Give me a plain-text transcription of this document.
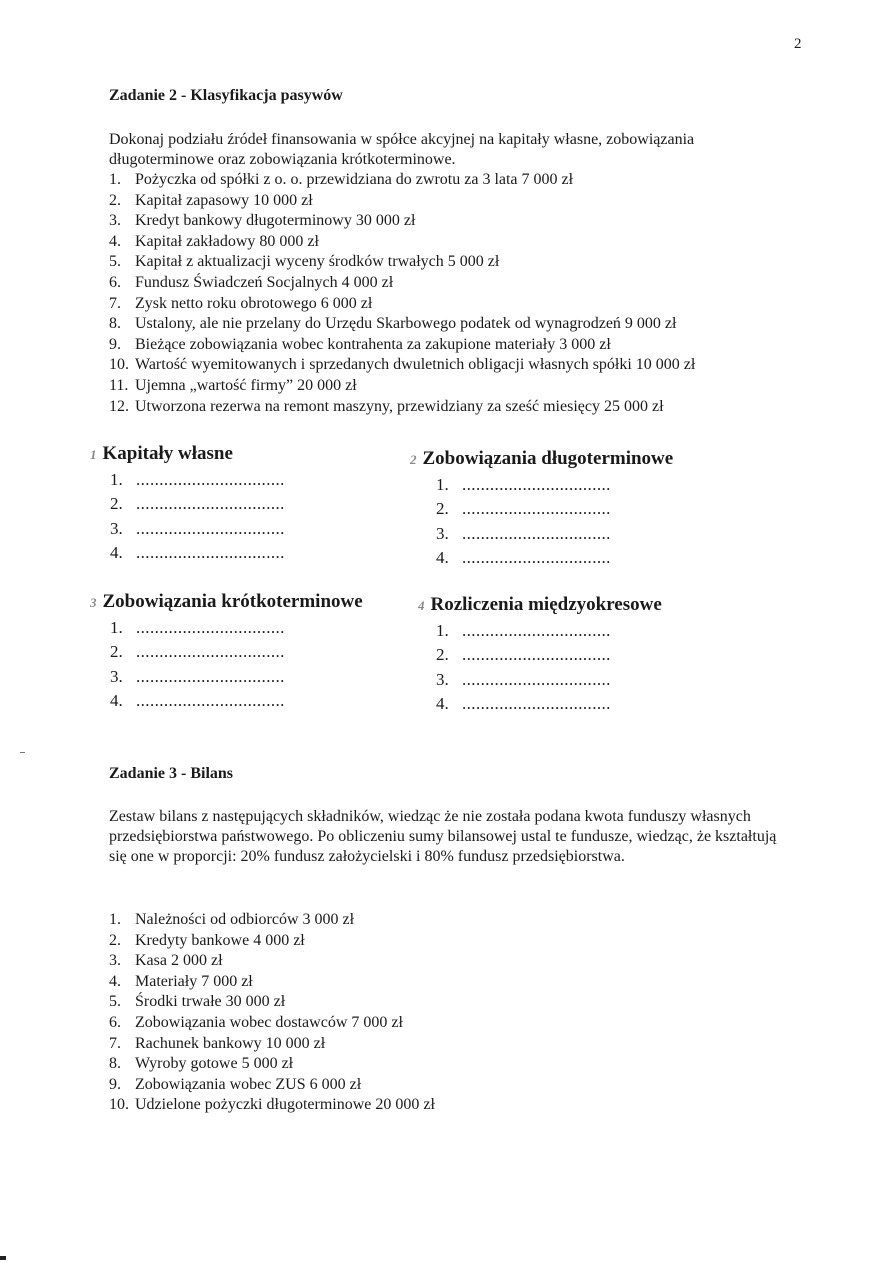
2
Zadanie 2 - Klasyfikacja pasywów
Dokonaj podziału źródeł finansowania w spółce akcyjnej na kapitały własne, zobowiązania długoterminowe oraz zobowiązania krótkoterminowe.
1. Pożyczka od spółki z o. o. przewidziana do zwrotu za 3 lata 7 000 zł
2. Kapitał zapasowy 10 000 zł
3. Kredyt bankowy długoterminowy 30 000 zł
4. Kapitał zakładowy 80 000 zł
5. Kapitał z aktualizacji wyceny środków trwałych 5 000 zł
6. Fundusz Świadczeń Socjalnych 4 000 zł
7. Zysk netto roku obrotowego 6 000 zł
8. Ustalony, ale nie przelany do Urzędu Skarbowego podatek od wynagrodzeń 9 000 zł
9. Bieżące zobowiązania wobec kontrahenta za zakupione materiały 3 000 zł
10. Wartość wyemitowanych i sprzedanych dwuletnich obligacji własnych spółki 10 000 zł
11. Ujemna „wartość firmy” 20 000 zł
12. Utworzona rezerwa na remont maszyny, przewidziany za sześć miesięcy 25 000 zł
1 Kapitały własne
1. ................................
2. ................................
3. ................................
4. ................................
2 Zobowiązania długoterminowe
1. ................................
2. ................................
3. ................................
4. ................................
3 Zobowiązania krótkoterminowe
1. ................................
2. ................................
3. ................................
4. ................................
4 Rozliczenia międzyokresowe
1. ................................
2. ................................
3. ................................
4. ................................
Zadanie 3 - Bilans
Zestaw bilans z następujących składników, wiedząc że nie została podana kwota funduszy własnych przedsiębiorstwa państwowego. Po obliczeniu sumy bilansowej ustal te fundusze, wiedząc, że kształtują się one w proporcji: 20% fundusz założycielski i 80% fundusz przedsiębiorstwa.
1. Należności od odbiorców 3 000 zł
2. Kredyty bankowe 4 000 zł
3. Kasa 2 000 zł
4. Materiały 7 000 zł
5. Środki trwałe 30 000 zł
6. Zobowiązania wobec dostawców 7 000 zł
7. Rachunek bankowy 10 000 zł
8. Wyroby gotowe 5 000 zł
9. Zobowiązania wobec ZUS 6 000 zł
10. Udzielone pożyczki długoterminowe 20 000 zł
